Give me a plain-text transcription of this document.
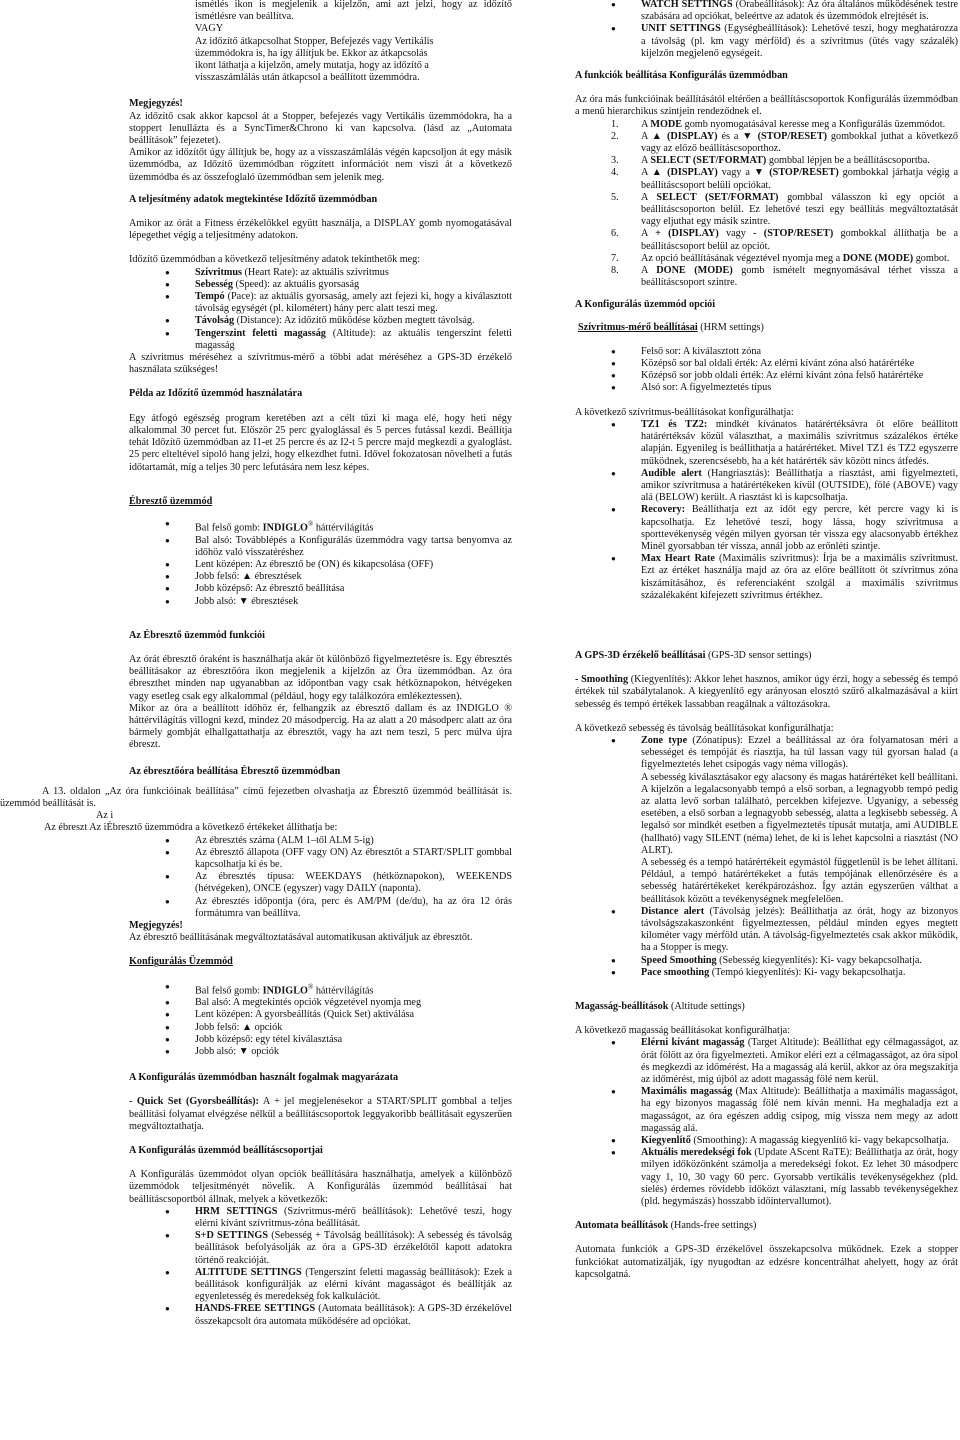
ismétlés ikon is megjelenik a kijelzőn, ami azt jelzi, hogy az időzítő ismétlésre van beállítva.

VAGY

Az időzítő átkapcsolhat Stopper, Befejezés vagy Vertikális üzemmódokra is, ha így állítjuk be. Ekkor az átkapcsolás ikont láthatja a kijelzőn, amely mutatja, hogy az időzítő a visszaszámlálás után átkapcsol a beállított üzemmódra.

Megjegyzés!

Az időzítő csak akkor kapcsol át a Stopper, befejezés vagy Vertikális üzemmódokra, ha a stoppert lenullázta és a SyncTimer&Chrono ki van kapcsolva. (lásd az „Automata beállítások” fejezetet).

Amikor az időzítőt úgy állítjuk be, hogy az a visszaszámlálás végén kapcsoljon át egy másik üzemmódba, az Időzítő üzemmódban rögzített információt nem viszi át a következő üzemmódba és az összefoglaló üzemmódban sem jelenik meg.

A teljesítmény adatok megtekintése Időzítő üzemmódban

Amikor az órát a Fitness érzékelőkkel együtt használja, a DISPLAY gomb nyomogatásával lépegethet végig a teljesítmény adatokon.

Időzítő üzemmódban a következő teljesítmény adatok tekinthetők meg:

● Szívritmus (Heart Rate): az aktuális szívritmus
● Sebesség (Speed): az aktuális gyorsaság
● Tempó (Pace): az aktuális gyorsaság, amely azt fejezi ki, hogy a kiválasztott távolság egységét (pl. kilométert) hány perc alatt teszi meg.
● Távolság (Distance): Az időzítő működése közben megtett távolság.
● Tengerszint feletti magasság (Altitude): az aktuális tengerszint feletti magasság

A szívritmus méréséhez a szívritmus-mérő a többi adat méréséhez a GPS-3D érzékelő használata szükséges!

Példa az Időzítő üzemmód használatára

Egy átfogó egészség program keretében azt a célt tűzi ki maga elé, hogy heti négy alkalommal 30 percet fut. Először 25 perc gyaloglással és 5 perces futással kezdi. Beállítja tehát Időzítő üzemmódban az I1-et 25 percre és az I2-t 5 percre majd megkezdi a gyaloglást. 25 perc elteltével sípoló hang jelzi, hogy elkezdhet futni. Idővel fokozatosan növelheti a futás időtartamát, míg a teljes 30 perc lefutására nem lesz képes.

Ébresztő üzemmód
● Bal felső gomb: INDIGLO® háttérvilágítás
● Bal alsó: Továbblépés a Konfigurálás üzemmódra vagy tartsa benyomva az időhöz való visszatéréshez
● Lent középen: Az ébresztő be (ON) és kikapcsolása (OFF)
● Jobb felső: ▲ ébresztések
● Jobb középső: Az ébresztő beállítása
● Jobb alsó: ▼ ébresztések
Az Ébresztő üzemmód funkciói

Az órát ébresztő óraként is használhatja akár öt különböző figyelmeztetésre is. Egy ébresztés beállításakor az ébresztőóra ikon megjelenik a kijelzőn az Óra üzemmódban. Az óra ébreszthet minden nap ugyanabban az időpontban vagy csak hétköznapokon, hétvégeken vagy esetleg csak egy alkalommal (például, hogy egy találkozóra emlékeztessen).

Mikor az óra a beállított időhöz ér, felhangzik az ébresztő dallam és az INDIGLO ® háttérvilágítás villogni kezd, mindez 20 másodpercig. Ha az alatt a 20 másodperc alatt az óra bármely gombját elhallgattathatja az ébresztőt, vagy ha azt nem teszi, 5 perc múlva újra ébreszt.

Az ébresztőóra beállítása Ébresztő üzemmódban

A 13. oldalon „Az óra funkcióinak beállítása” című fejezetben olvashatja az Ébresztő üzemmód beállítását is. üzemmód beállítását is.

Az i

Az ébreszt Az iÉbresztő üzemmódra a következő értékeket állíthatja be:

● Az ébresztés száma (ALM 1–től ALM 5-ig)
● Az ébresztő állapota (OFF vagy ON) Az ébresztőt a START/SPLIT gombbal kapcsolhatja ki és be.
● Az ébresztés típusa: WEEKDAYS (hétköznapokon), WEEKENDS (hétvégeken), ONCE (egyszer) vagy DAILY (naponta).
● Az ébresztés időpontja (óra, perc és AM/PM (de/du), ha az óra 12 órás formátumra van beállítva.
Megjegyzés!

Az ébresztő beállításának megváltoztatásával automatikusan aktiváljuk az ébresztőt.

Konfigurálás Üzemmód
● Bal felső gomb: INDIGLO® háttérvilágítás
● Bal alsó: A megtekintés opciók végzetével nyomja meg
● Lent középen: A gyorsbeállítás (Quick Set) aktiválása
● Jobb felső: ▲ opciók
● Jobb középső: egy tétel kiválasztása
● Jobb alsó: ▼ opciók
A Konfigurálás üzemmódban használt fogalmak magyarázata

- Quick Set (Gyorsbeállítás): A + jel megjelenésekor a START/SPLIT gombbal a teljes beállítási folyamat elvégzése nélkül a beállításcsoportok leggyakoribb beállításait egyszerűen megváltoztathatja.

A Konfigurálás üzemmód beállításcsoportjai

A Konfigurálás üzemmódot olyan opciók beállítására használhatja, amelyek a különböző üzemmódok teljesítményét növelik. A Konfigurálás üzemmód beállításai hat beállításcsoportból állnak, melyek a következők:

● HRM SETTINGS (Szívritmus-mérő beállítások): Lehetővé teszi, hogy elérni kívánt szívritmus-zóna beállítását.
● S+D SETTINGS (Sebesség + Távolság beállítások): A sebesség és távolság beállítások befolyásolják az óra a GPS-3D érzékelőtől kapott adatokra történő reakcióját.
● ALTITUDE SETTINGS (Tengerszint feletti magasság beállítások): Ezek a beállítások konfigurálják az elérni kívánt magasságot és beállítják az egyenletesség és meredekség fok kalkulációt.
● HANDS-FREE SETTINGS (Automata beállítások): A GPS-3D érzékelővel összekapcsolt óra automata működésére ad opciókat.
● WATCH SETTINGS (Órabeállítások): Az óra általános működésének testre szabására ad opciókat, beleértve az adatok és üzemmódok elrejtését is.
● UNIT SETTINGS (Egységbeállítások): Lehetővé teszi, hogy meghatározza a távolság (pl. km vagy mérföld) és a szívritmus (ütés vagy százalék) kijelzőn megjelenő egységeit.
A funkciók beállítása Konfigurálás üzemmódban

Az óra más funkcióinak beállításától eltérően a beállításcsoportok Konfigurálás üzemmódban a menü hierarchikus szintjein rendeződnek el.

1. A MODE gomb nyomogatásával keresse meg a Konfigurálás üzemmódot.
2. A ▲ (DISPLAY) és a ▼ (STOP/RESET) gombokkal juthat a következő vagy az előző beállításcsoporthoz.
3. A SELECT (SET/FORMAT) gombbal lépjen be a beállításcsoportba.
4. A ▲ (DISPLAY) vagy a ▼ (STOP/RESET) gombokkal járhatja végig a beállításcsoport belüli opciókat.
5. A SELECT (SET/FORMAT) gombbal válasszon ki egy opciót a beállításcsoporton belül. Ez lehetővé teszi egy beállítás megváltoztatását vagy eljuthat egy másik szintre.
6. A + (DISPLAY) vagy - (STOP/RESET) gombokkal állíthatja be a beállításcsoport belül az opciót.
7. Az opció beállításának végeztével nyomja meg a DONE (MODE) gombot.
8. A DONE (MODE) gomb ismételt megnyomásával térhet vissza a beállításcsoport szintre.
A Konfigurálás üzemmód opciói

Szívritmus-mérő beállításai (HRM settings)

● Felső sor: A kiválasztott zóna
● Középső sor bal oldali érték: Az elérni kívánt zóna alsó határértéke
● Középső sor jobb oldali érték: Az elérni kívánt zóna felső határértéke
● Alsó sor: A figyelmeztetés típus

A következő szívritmus-beállításokat konfigurálhatja:

● TZ1 és TZ2: mindkét kívánatos határértéksávra öt előre beállított határértéksáv közül választhat, a maximális szívritmus százalékos értéke alapján. Egyenileg is beállíthatja a határértéket. Mivel TZ1 és TZ2 egyszerre működnek, szerencsésebb, ha a két határérték sáv között nincs átfedés.
● Audible alert (Hangriasztás): Beállíthatja a riasztást, ami figyelmezteti, amikor szívritmusa a határértékeken kívül (OUTSIDE), fölé (ABOVE) vagy alá (BELOW) került. A riasztást ki is kapcsolhatja.
● Recovery: Beállíthatja ezt az időt egy percre, két percre vagy ki is kapcsolhatja. Ez lehetővé teszi, hogy lássa, hogy szívritmusa a sporttevékenység végén milyen gyorsan tér vissza egy alacsonyabb értékhez Minél gyorsabban tér vissza, annál jobb az erőnléti szintje.
● Max Heart Rate (Maximális szívritmus): Írja be a maximális szívritmust. Ezt az értéket használja majd az óra az előre beállított öt szívritmus zóna kiszámításához, és referenciaként szolgál a maximális szívritmus százalékaként kifejezett szívritmus értékhez.

A GPS-3D érzékelő beállításai (GPS-3D sensor settings)

- Smoothing (Kiegyenlítés): Akkor lehet hasznos, amikor úgy érzi, hogy a sebesség és tempó értékek túl szabálytalanok. A kiegyenlítő egy arányosan elosztó szűrő alkalmazásával a kiírt sebesség és tempó értékek lassabban reagálnak a változásokra.

A következő sebesség és távolság beállításokat konfigurálhatja:

● Zone type (Zónatípus): Ezzel a beállítással az óra folyamatosan méri a sebességet és tempóját és riasztja, ha túl lassan vagy túl gyorsan halad (a figyelmeztetés lehet csipogás vagy néma villogás).
A sebesség kiválasztásakor egy alacsony és magas határértéket kell beállítani. A kijelzőn a legalacsonyabb tempó a első sorban, a legnagyobb tempó pedig az alatta levő sorban található, percekben kifejezve. Ugyanígy, a sebesség esetében, a első sorban a legnagyobb sebesség, alatta a legkisebb sebesség. A legalsó sor mindkét esetben a figyelmeztetés típusát mutatja, ami AUDIBLE (hallható) vagy SILENT (néma) lehet, de ki is lehet kapcsolni a riasztást (NO ALRT).
A sebesség és a tempó határértékeit egymástól függetlenül is be lehet állítani. Például, a tempó határértékeket a futás tempójának ellenőrzésére és a sebesség határértékeket kerékpározáshoz. Így aztán egyszerűen válthat a beállítások között a tevékenységnek megfelelően.
● Distance alert (Távolság jelzés): Beállíthatja az órát, hogy az bizonyos távolságszakaszonként figyelmeztessen, például minden egyes megtett kilométer vagy mérföld után. A távolság-figyelmeztetés csak akkor működik, ha a Stopper is megy.
● Speed Smoothing (Sebesség kiegyenlítés): Ki- vagy bekapcsolhatja.
● Pace smoothing (Tempó kiegyenlítés): Ki- vagy bekapcsolhatja.

Magasság-beállítások (Altitude settings)

A következő magasság beállításokat konfigurálhatja:

● Elérni kívánt magasság (Target Altitude): Beállíthat egy célmagasságot, az órát fölött az óra figyelmezteti. Amikor eléri ezt a célmagasságot, az óra sípol és megkezdi az időmérést. Ha a magasság alá kerül, akkor az óra megszakítja az időmérést, míg újból az adott magasság fölé nem kerül.
● Maximális magasság (Max Altitude): Beállíthatja a maximális magasságot, ha egy bizonyos magasság fölé nem kíván menni. Ha meghaladja ezt a magasságot, az óra egészen addig csipog, míg vissza nem megy az adott magasság alá.
● Kiegyenlítő (Smoothing): A magasság kiegyenlítő ki- vagy bekapcsolhatja.
● Aktuális meredekségi fok (Update AScent RaTE): Beállíthatja az órát, hogy milyen időközönként számolja a meredekségi fokot. Ez lehet 30 másodperc vagy 1, 10, 30 vagy 60 perc. Gyorsabb vertikális tevékenységekhez (pld. síelés) érdemes rövidebb időközt választani, míg lassabb tevékenységekhez (pld. hegymászás) hosszabb időintervallumot).

Automata beállítások (Hands-free settings)

Automata funkciók a GPS-3D érzékelővel összekapcsolva működnek. Ezek a stopper funkciókat automatizálják, így nyugodtan az edzésre koncentrálhat ahelyett, hogy az órát kapcsolgatná.
